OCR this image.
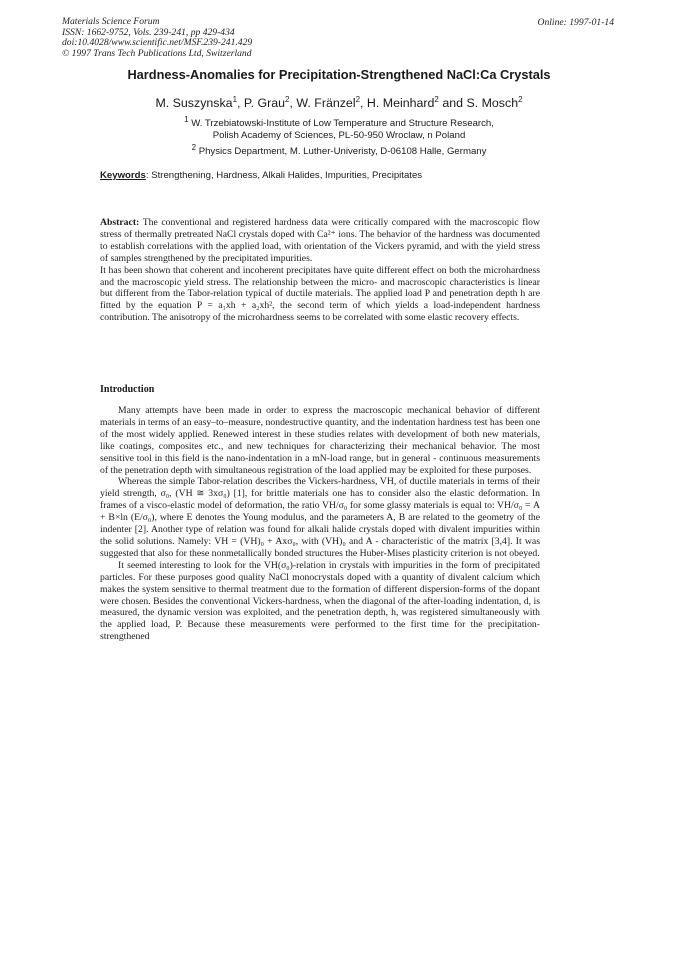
Materials Science Forum
ISSN: 1662-9752, Vols. 239-241, pp 429-434
doi:10.4028/www.scientific.net/MSF.239-241.429
© 1997 Trans Tech Publications Ltd, Switzerland
Online: 1997-01-14
Hardness-Anomalies for Precipitation-Strengthened NaCl:Ca Crystals
M. Suszynska$^1$, P. Grau$^2$, W. Fränzel$^2$, H. Meinhard$^2$ and S. Mosch$^2$
$^1$ W. Trzebiatowski-Institute of Low Temperature and Structure Research,
Polish Academy of Sciences, PL-50-950 Wroclaw, n Poland
$^2$ Physics Department, M. Luther-Univeristy, D-06108 Halle, Germany
Keywords: Strengthening, Hardness, Alkali Halides, Impurities, Precipitates

Abstract: The conventional and registered hardness data were critically compared with the macroscopic flow stress of thermally pretreated NaCl crystals doped with Ca²⁺ ions. The behavior of the hardness was documented to establish correlations with the applied load, with orientation of the Vickers pyramid, and with the yield stress of samples strengthened by the precipitated impurities.

It has been shown that coherent and incoherent precipitates have quite different effect on both the microhardness and the macroscopic yield stress. The relationship between the micro- and macroscopic characteristics is linear but different from the Tabor-relation typical of ductile materials. The applied load P and penetration depth h are fitted by the equation P = a₁xh + a₂xh², the second term of which yields a load-independent hardness contribution. The anisotropy of the microhardness seems to be correlated with some elastic recovery effects.

Introduction

Many attempts have been made in order to express the macroscopic mechanical behavior of different materials in terms of an easy–to–measure, nondestructive quantity, and the indentation hardness test has been one of the most widely applied. Renewed interest in these studies relates with development of both new materials, like coatings, composites etc., and new techniques for characterizing their mechanical behavior. The most sensitive tool in this field is the nano-indentation in a mN-load range, but in general - continuous measurements of the penetration depth with simultaneous registration of the load applied may be exploited for these purposes.

Whereas the simple Tabor-relation describes the Vickers-hardness, VH, of ductile materials in terms of their yield strength, σ₀, (VH ≅ 3xσ₀) [1], for brittle materials one has to consider also the elastic deformation. In frames of a visco-elastic model of deformation, the ratio VH/σ₀ for some glassy materials is equal to: VH/σ₀ = A + B×ln (E/σ₀), where E denotes the Young modulus, and the parameters A, B are related to the geometry of the indenter [2]. Another type of relation was found for alkali halide crystals doped with divalent impurities within the solid solutions. Namely: VH = (VH)₀ + Axσ₀, with (VH)₀ and A - characteristic of the matrix [3,4]. It was suggested that also for these nonmetallically bonded structures the Huber-Mises plasticity criterion is not obeyed.

It seemed interesting to look for the VH(σ₀)-relation in crystals with impurities in the form of precipitated particles. For these purposes good quality NaCl monocrystals doped with a quantity of divalent calcium which makes the system sensitive to thermal treatment due to the formation of different dispersion-forms of the dopant were chosen. Besides the conventional Vickers-hardness, when the diagonal of the after-loading indentation, d, is measured, the dynamic version was exploited, and the penetration depth, h, was registered simultaneously with the applied load, P. Because these measurements were performed to the first time for the precipitation-strengthened
